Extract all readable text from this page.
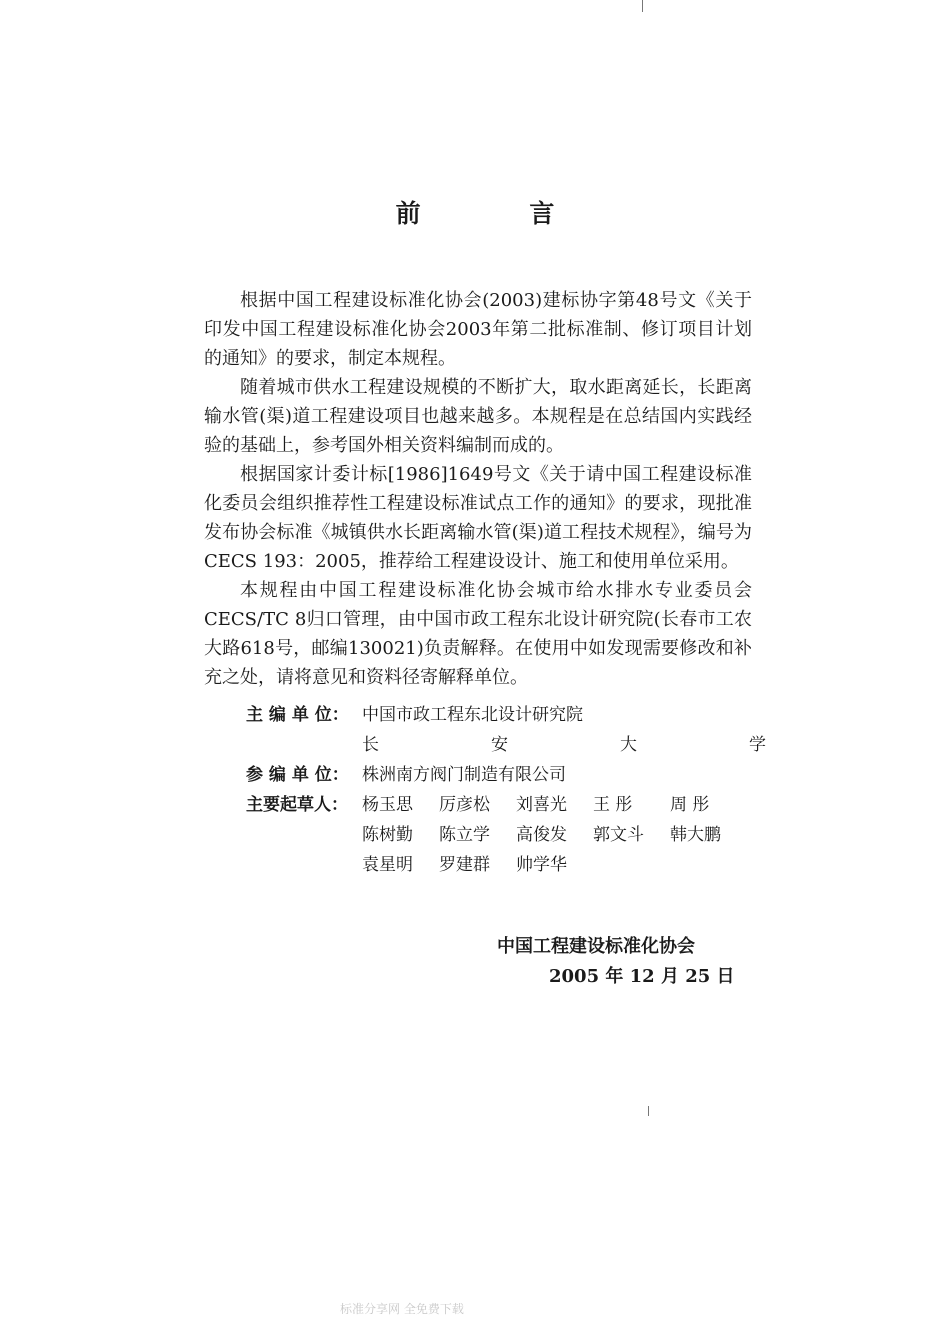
前 言

根据中国工程建设标准化协会(2003)建标协字第48号文《关于印发中国工程建设标准化协会2003年第二批标准制、修订项目计划的通知》的要求，制定本规程。

随着城市供水工程建设规模的不断扩大，取水距离延长，长距离输水管(渠)道工程建设项目也越来越多。本规程是在总结国内实践经验的基础上，参考国外相关资料编制而成的。

根据国家计委计标[1986]1649号文《关于请中国工程建设标准化委员会组织推荐性工程建设标准试点工作的通知》的要求，现批准发布协会标准《城镇供水长距离输水管(渠)道工程技术规程》，编号为CECS 193：2005，推荐给工程建设设计、施工和使用单位采用。

本规程由中国工程建设标准化协会城市给水排水专业委员会CECS/TC 8归口管理，由中国市政工程东北设计研究院(长春市工农大路618号，邮编130021)负责解释。在使用中如发现需要修改和补充之处，请将意见和资料径寄解释单位。

主 编 单 位： 中国市政工程东北设计研究院
长	安	大	学
参 编 单 位： 株洲南方阀门制造有限公司
主要起草人： 杨玉思	厉彦松	刘喜光	王 彤	周 彤
陈树勤	陈立学	高俊发	郭文斗	韩大鹏
袁星明	罗建群	帅学华
中国工程建设标准化协会
2005 年 12 月 25 日
标准分享网 全免费下载
